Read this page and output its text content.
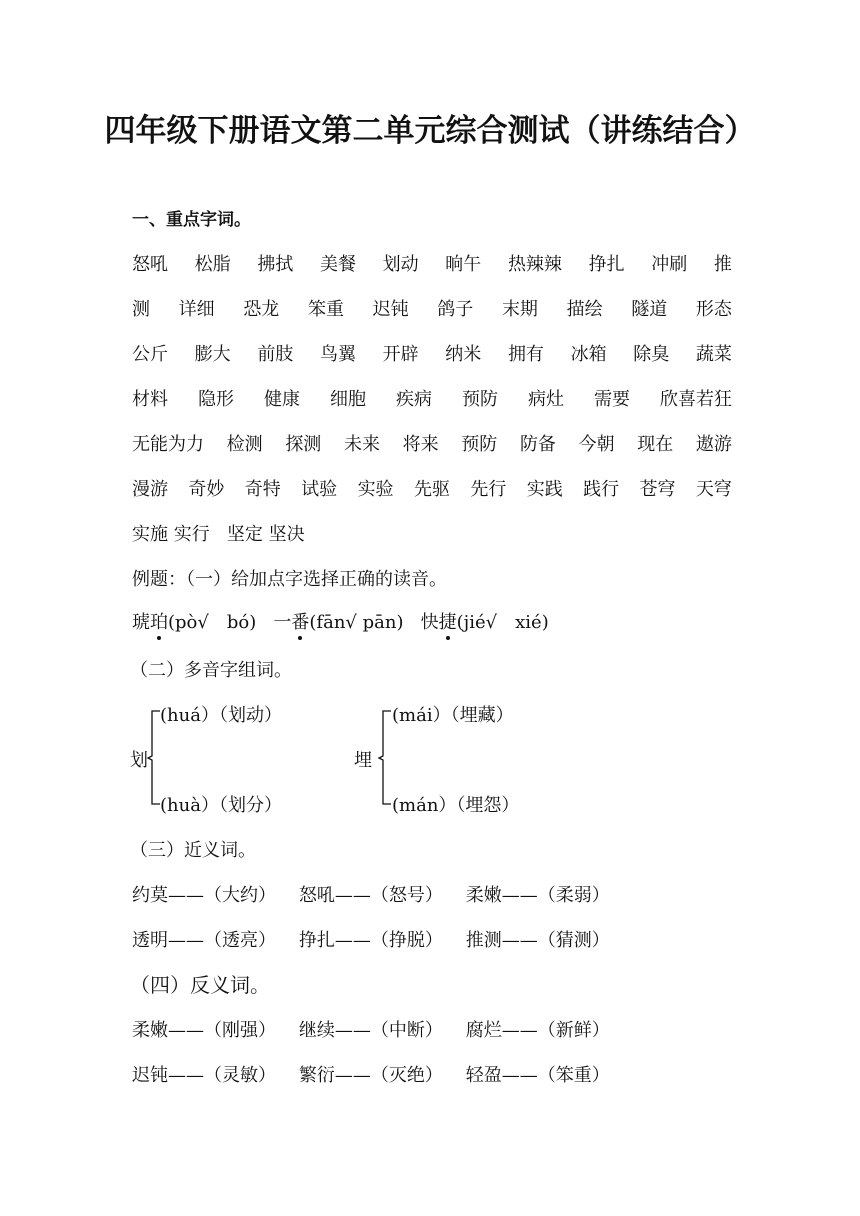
四年级下册语文第二单元综合测试（讲练结合）
一、重点字词。
怒吼 松脂 拂拭 美餐 划动 晌午 热辣辣 挣扎 冲刷 推
测 详细 恐龙 笨重 迟钝 鸽子 末期 描绘 隧道 形态
公斤 膨大 前肢 鸟翼 开辟 纳米 拥有 冰箱 除臭 蔬菜
材料 隐形 健康 细胞 疾病 预防 病灶 需要 欣喜若狂
无能为力 检测 探测 未来 将来 预防 防备 今朝 现在 遨游
漫游 奇妙 奇特 试验 实验 先驱 先行 实践 践行 苍穹 天穹
实施 实行 坚定 坚决
例题：（一）给加点字选择正确的读音。
琥珀(pò√　bó) 一番(fān√ pān) 快捷(jié√　xié)
（二）多音字组词。
划
(huá）（划动）
(huà）（划分）
埋
(mái）（埋藏）
(mán）（埋怨）
（三）近义词。
约莫——（大约） 怒吼——（怒号） 柔嫩——（柔弱）
透明——（透亮） 挣扎——（挣脱） 推测——（猜测）
（四）反义词。
柔嫩——（刚强） 继续——（中断） 腐烂——（新鲜）
迟钝——（灵敏） 繁衍——（灭绝） 轻盈——（笨重）
